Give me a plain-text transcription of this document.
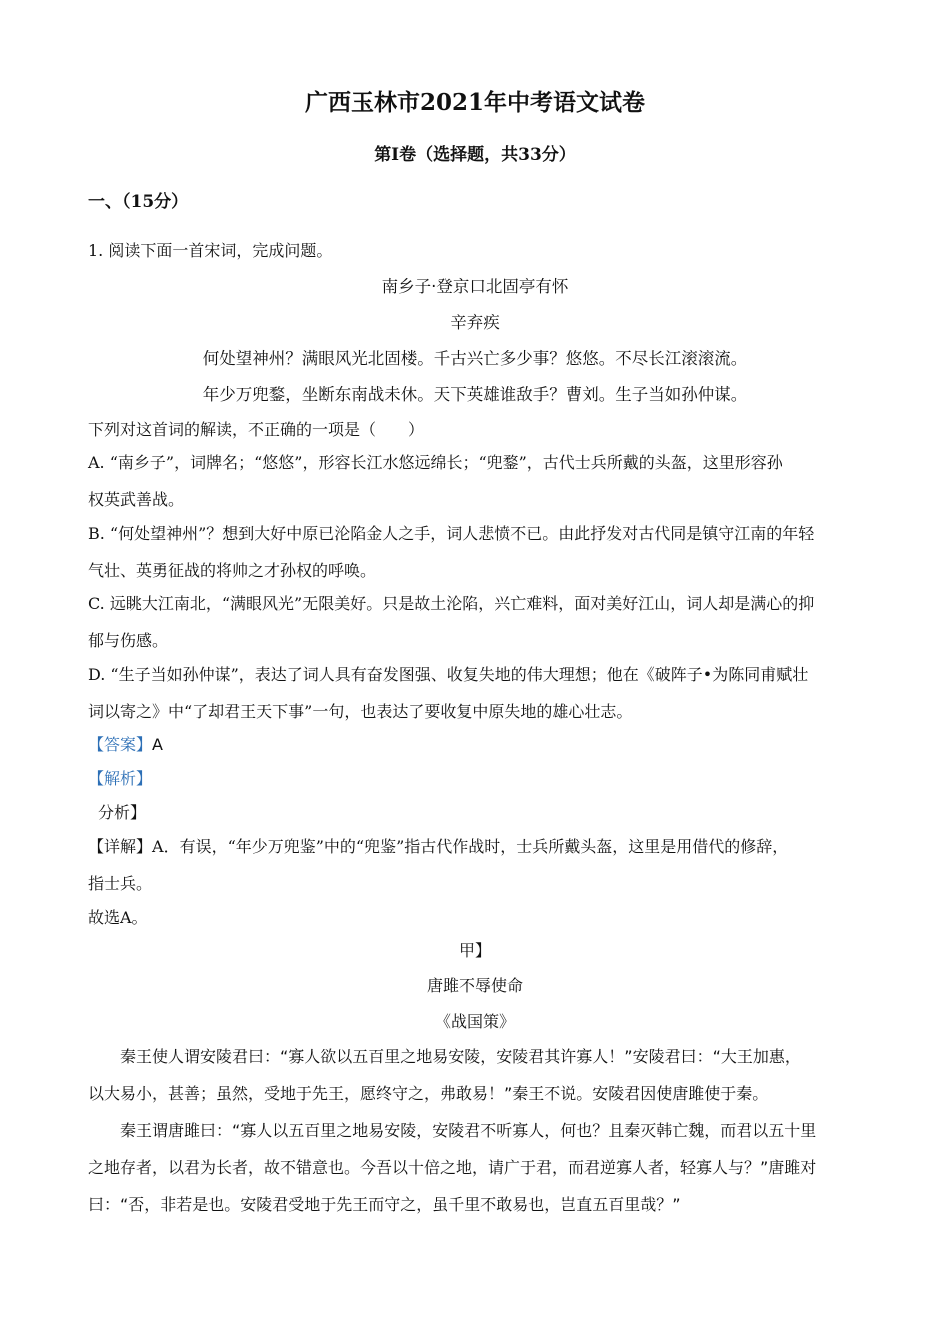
广西玉林市2021年中考语文试卷
第I卷（选择题，共33分）
一、（15分）
1. 阅读下面一首宋词，完成问题。
南乡子·登京口北固亭有怀
辛弃疾
何处望神州？满眼风光北固楼。千古兴亡多少事？悠悠。不尽长江滚滚流。
年少万兜鍪，坐断东南战未休。天下英雄谁敌手？曹刘。生子当如孙仲谋。
下列对这首词的解读，不正确的一项是（　　）
A. “南乡子”，词牌名；“悠悠”，形容长江水悠远绵长；“兜鍪”，古代士兵所戴的头盔，这里形容孙
权英武善战。
B. “何处望神州”？想到大好中原已沦陷金人之手，词人悲愤不已。由此抒发对古代同是镇守江南的年轻
气壮、英勇征战的将帅之才孙权的呼唤。
C. 远眺大江南北，“满眼风光”无限美好。只是故土沦陷，兴亡难料，面对美好江山，词人却是满心的抑
郁与伤感。
D. “生子当如孙仲谋”，表达了词人具有奋发图强、收复失地的伟大理想；他在《破阵子•为陈同甫赋壮
词以寄之》中“了却君王天下事”一句，也表达了要收复中原失地的雄心壮志。
【答案】A
【解析】
分析】
【详解】A．有误，“年少万兜鉴”中的“兜鉴”指古代作战时，士兵所戴头盔，这里是用借代的修辞，
指士兵。
故选A。
甲】
唐雎不辱使命
《战国策》
秦王使人谓安陵君曰：“寡人欲以五百里之地易安陵，安陵君其许寡人！”安陵君曰：“大王加惠，
以大易小，甚善；虽然，受地于先王，愿终守之，弗敢易！”秦王不说。安陵君因使唐雎使于秦。
秦王谓唐雎曰：“寡人以五百里之地易安陵，安陵君不听寡人，何也？且秦灭韩亡魏，而君以五十里
之地存者，以君为长者，故不错意也。今吾以十倍之地，请广于君，而君逆寡人者，轻寡人与？”唐雎对
曰：“否，非若是也。安陵君受地于先王而守之，虽千里不敢易也，岂直五百里哉？”
